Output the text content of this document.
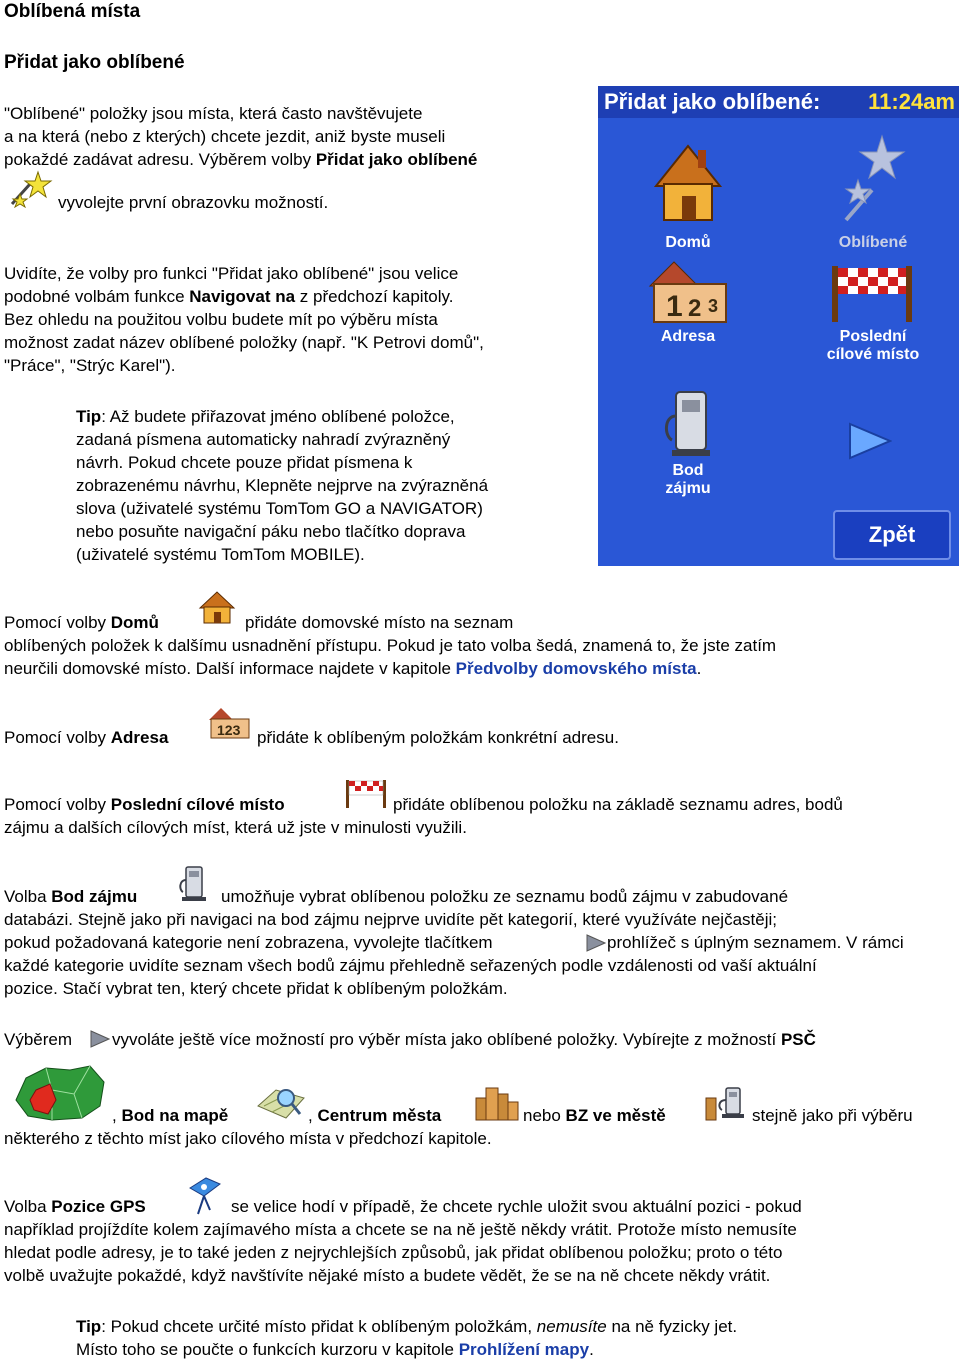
Oblíbená místa
Přidat jako oblíbené
"Oblíbené" položky jsou místa, která často navštěvujete
a na která (nebo z kterých) chcete jezdit, aniž byste museli
pokaždé zadávat adresu. Výběrem volby Přidat jako oblíbené
vyvolejte první obrazovku možností.
Uvidíte, že volby pro funkci "Přidat jako oblíbené" jsou velice
podobné volbám funkce Navigovat na z předchozí kapitoly.
Bez ohledu na použitou volbu budete mít po výběru místa
možnost zadat název oblíbené položky (např. "K Petrovi domů",
"Práce", "Strýc Karel").
Tip: Až budete přiřazovat jméno oblíbené položce,
zadaná písmena automaticky nahradí zvýrazněný
návrh. Pokud chcete pouze přidat písmena k
zobrazenému návrhu, Klepněte nejprve na zvýrazněná
slova (uživatelé systému TomTom GO a NAVIGATOR)
nebo posuňte navigační páku nebo tlačítko doprava
(uživatelé systému TomTom MOBILE).
Přidat jako oblíbené: 11:24am
Domů	Oblíbené
1 2 3
Adresa	Poslední
cílové místo
Bod
zájmu
Zpět
Pomocí volby Domů	přidáte domovské místo na seznam
oblíbených položek k dalšímu usnadnění přístupu. Pokud je tato volba šedá, znamená to, že jste zatím
neurčili domovské místo. Další informace najdete v kapitole Předvolby domovského místa.
Pomocí volby Adresa	123 přidáte k oblíbeným položkám konkrétní adresu.
Pomocí volby Poslední cílové místo	přidáte oblíbenou položku na základě seznamu adres, bodů
zájmu a dalších cílových míst, která už jste v minulosti využili.
Volba Bod zájmu	umožňuje vybrat oblíbenou položku ze seznamu bodů zájmu v zabudované
databázi. Stejně jako při navigaci na bod zájmu nejprve uvidíte pět kategorií, které využíváte nejčastěji;
pokud požadovaná kategorie není zobrazena, vyvolejte tlačítkem	prohlížeč s úplným seznamem. V rámci
každé kategorie uvidíte seznam všech bodů zájmu přehledně seřazených podle vzdálenosti od vaší aktuální
pozice. Stačí vybrat ten, který chcete přidat k oblíbeným položkám.
Výběrem vyvoláte ještě více možností pro výběr místa jako oblíbené položky. Vybírejte z možností PSČ
, Bod na mapě	, Centrum města	nebo BZ ve městě	stejně jako při výběru
některého z těchto míst jako cílového místa v předchozí kapitole.
Volba Pozice GPS	se velice hodí v případě, že chcete rychle uložit svou aktuální pozici - pokud
například projíždíte kolem zajímavého místa a chcete se na ně ještě někdy vrátit. Protože místo nemusíte
hledat podle adresy, je to také jeden z nejrychlejších způsobů, jak přidat oblíbenou položku; proto o této
volbě uvažujte pokaždé, když navštívíte nějaké místo a budete vědět, že se na ně chcete někdy vrátit.
Tip: Pokud chcete určité místo přidat k oblíbeným položkám, nemusíte na ně fyzicky jet.
Místo toho se poučte o funkcích kurzoru v kapitole Prohlížení mapy.
